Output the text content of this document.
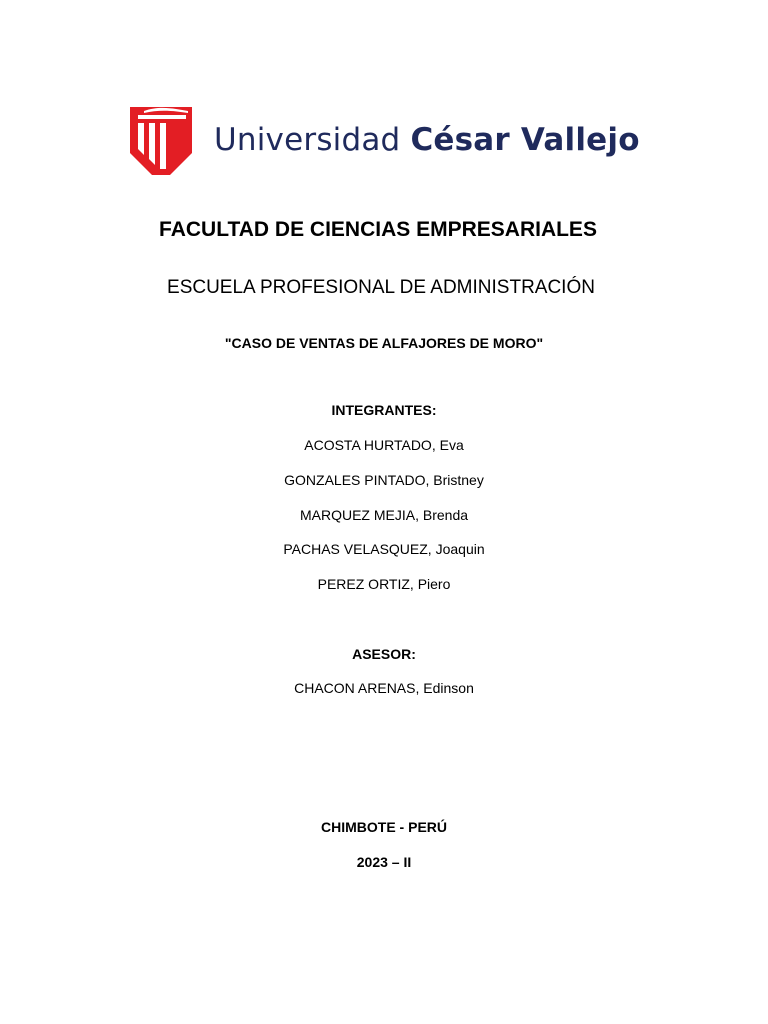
Universidad César Vallejo
FACULTAD DE CIENCIAS EMPRESARIALES
ESCUELA PROFESIONAL DE ADMINISTRACIÓN
"CASO DE VENTAS DE ALFAJORES DE MORO"
INTEGRANTES:
ACOSTA HURTADO, Eva
GONZALES PINTADO, Bristney
MARQUEZ MEJIA, Brenda
PACHAS VELASQUEZ, Joaquin
PEREZ ORTIZ, Piero
ASESOR:
CHACON ARENAS, Edinson
CHIMBOTE - PERÚ
2023 – II
